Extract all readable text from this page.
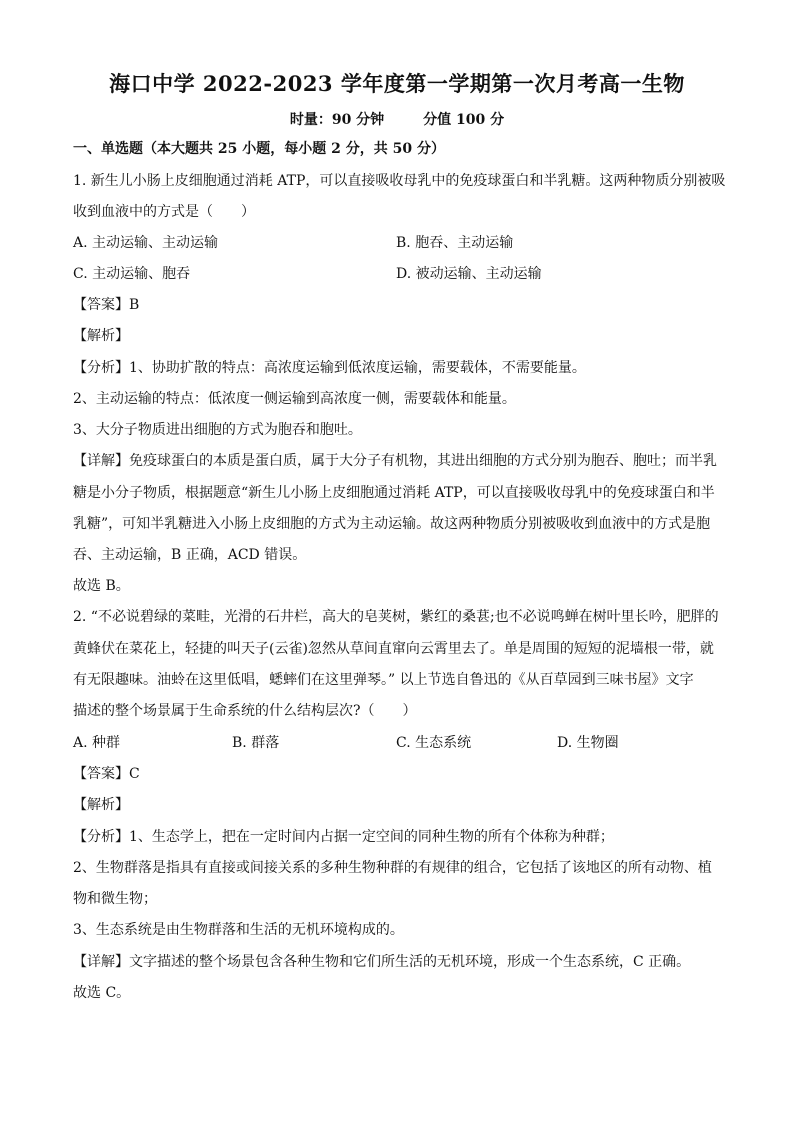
海口中学 2022-2023 学年度第一学期第一次月考高一生物
时量：90 分钟        分值 100 分
一、单选题（本大题共 25 小题，每小题 2 分，共 50 分）
1. 新生儿小肠上皮细胞通过消耗 ATP，可以直接吸收母乳中的免疫球蛋白和半乳糖。这两种物质分别被吸
收到血液中的方式是（　　）
A. 主动运输、主动运输	B. 胞吞、主动运输
C. 主动运输、胞吞	D. 被动运输、主动运输
【答案】B
【解析】
【分析】1、协助扩散的特点：高浓度运输到低浓度运输，需要载体，不需要能量。
2、主动运输的特点：低浓度一侧运输到高浓度一侧，需要载体和能量。
3、大分子物质进出细胞的方式为胞吞和胞吐。
【详解】免疫球蛋白的本质是蛋白质，属于大分子有机物，其进出细胞的方式分别为胞吞、胞吐；而半乳
糖是小分子物质，根据题意“新生儿小肠上皮细胞通过消耗 ATP，可以直接吸收母乳中的免疫球蛋白和半
乳糖”，可知半乳糖进入小肠上皮细胞的方式为主动运输。故这两种物质分别被吸收到血液中的方式是胞
吞、主动运输，B 正确，ACD 错误。
故选 B。
2. “不必说碧绿的菜畦，光滑的石井栏，高大的皂荚树，紫红的桑葚;也不必说鸣蝉在树叶里长吟，肥胖的
黄蜂伏在菜花上，轻捷的叫天子(云雀)忽然从草间直窜向云霄里去了。单是周围的短短的泥墙根一带，就
有无限趣味。油蛉在这里低唱，蟋蟀们在这里弹琴。” 以上节选自鲁迅的《从百草园到三味书屋》文字
描述的整个场景属于生命系统的什么结构层次?（　　）
A. 种群	B. 群落	C. 生态系统	D. 生物圈
【答案】C
【解析】
【分析】1、生态学上，把在一定时间内占据一定空间的同种生物的所有个体称为种群；
2、生物群落是指具有直接或间接关系的多种生物种群的有规律的组合，它包括了该地区的所有动物、植
物和微生物；
3、生态系统是由生物群落和生活的无机环境构成的。
【详解】文字描述的整个场景包含各种生物和它们所生活的无机环境，形成一个生态系统，C 正确。
故选 C。
